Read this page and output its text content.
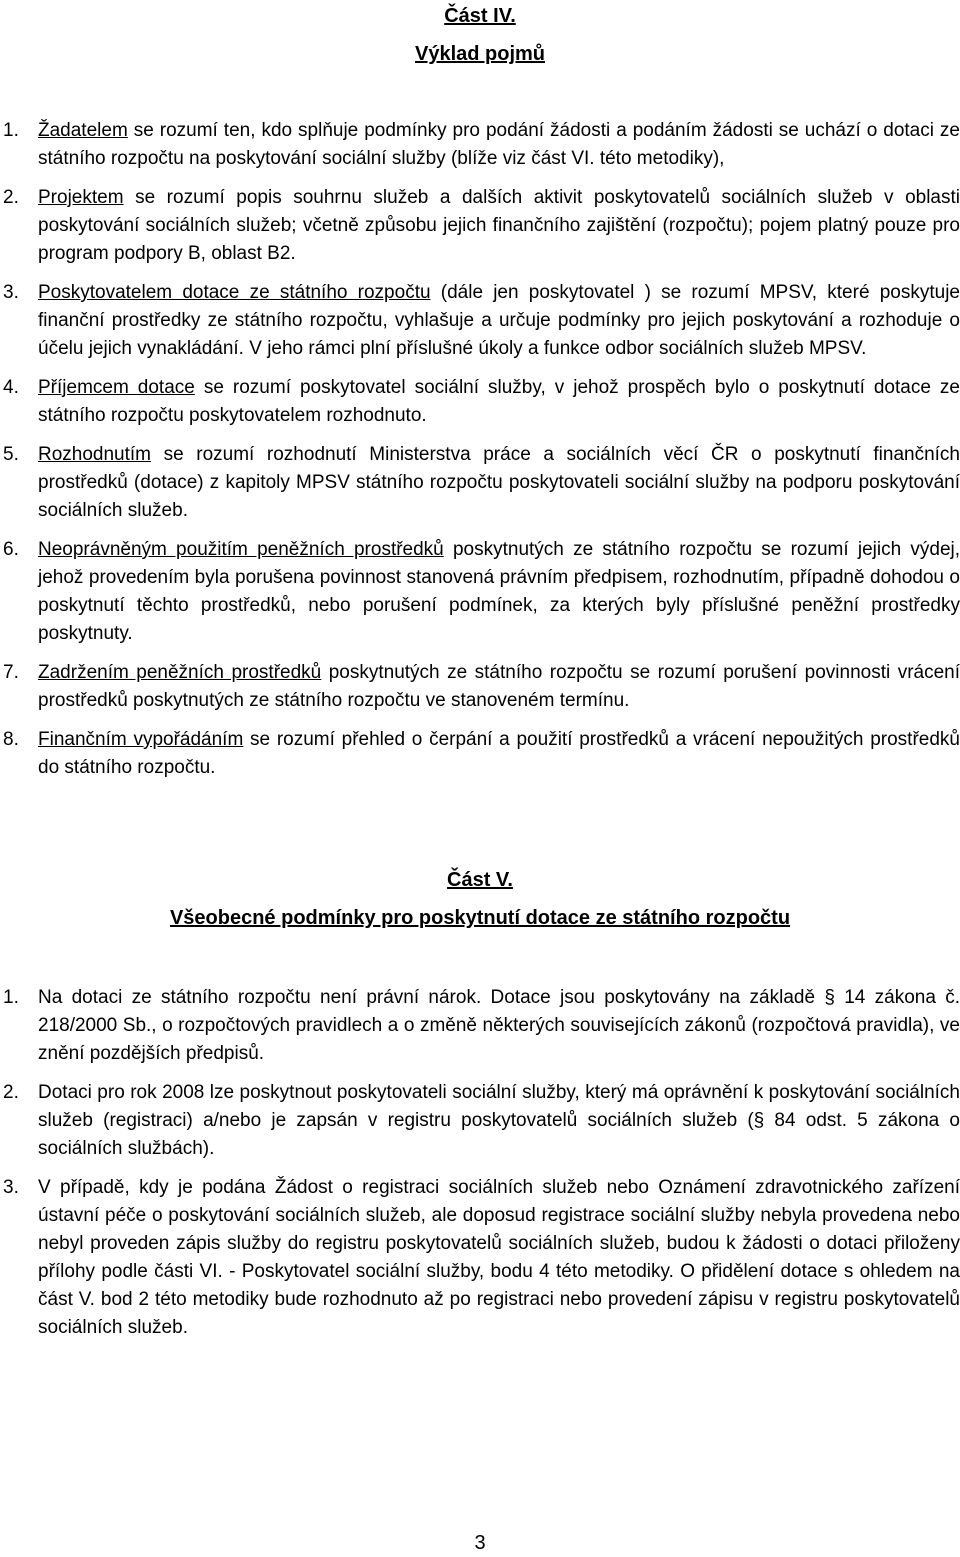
Část IV.
Výklad pojmů
1. Žadatelem se rozumí ten, kdo splňuje podmínky pro podání žádosti a podáním žádosti se uchází o dotaci ze státního rozpočtu na poskytování sociální služby (blíže viz část VI. této metodiky),
2. Projektem se rozumí popis souhrnu služeb a dalších aktivit poskytovatelů sociálních služeb v oblasti poskytování sociálních služeb; včetně způsobu jejich finančního zajištění (rozpočtu); pojem platný pouze pro program podpory B, oblast B2.
3. Poskytovatelem dotace ze státního rozpočtu (dále jen poskytovatel ) se rozumí MPSV, které poskytuje finanční prostředky ze státního rozpočtu, vyhlašuje a určuje podmínky pro jejich poskytování a rozhoduje o účelu jejich vynakládání. V jeho rámci plní příslušné úkoly a funkce odbor sociálních služeb MPSV.
4. Příjemcem dotace se rozumí poskytovatel sociální služby, v jehož prospěch bylo o poskytnutí dotace ze státního rozpočtu poskytovatelem rozhodnuto.
5. Rozhodnutím se rozumí rozhodnutí Ministerstva práce a sociálních věcí ČR o poskytnutí finančních prostředků (dotace) z kapitoly MPSV státního rozpočtu poskytovateli sociální služby na podporu poskytování sociálních služeb.
6. Neoprávněným použitím peněžních prostředků poskytnutých ze státního rozpočtu se rozumí jejich výdej, jehož provedením byla porušena povinnost stanovená právním předpisem, rozhodnutím, případně dohodou o poskytnutí těchto prostředků, nebo porušení podmínek, za kterých byly příslušné peněžní prostředky poskytnuty.
7. Zadržením peněžních prostředků poskytnutých ze státního rozpočtu se rozumí porušení povinnosti vrácení prostředků poskytnutých ze státního rozpočtu ve stanoveném termínu.
8. Finančním vypořádáním se rozumí přehled o čerpání a použití prostředků a vrácení nepoužitých prostředků do státního rozpočtu.
Část V.
Všeobecné podmínky pro poskytnutí dotace ze státního rozpočtu
1. Na dotaci ze státního rozpočtu není právní nárok. Dotace jsou poskytovány na základě § 14 zákona č. 218/2000 Sb., o rozpočtových pravidlech a o změně některých souvisejících zákonů (rozpočtová pravidla), ve znění pozdějších předpisů.
2. Dotaci pro rok 2008 lze poskytnout poskytovateli sociální služby, který má oprávnění k poskytování sociálních služeb (registraci) a/nebo je zapsán v registru poskytovatelů sociálních služeb (§ 84 odst. 5 zákona o sociálních službách).
3. V případě, kdy je podána Žádost o registraci sociálních služeb nebo Oznámení zdravotnického zařízení ústavní péče o poskytování sociálních služeb, ale doposud registrace sociální služby nebyla provedena nebo nebyl proveden zápis služby do registru poskytovatelů sociálních služeb, budou k žádosti o dotaci přiloženy přílohy podle části VI. - Poskytovatel sociální služby, bodu 4 této metodiky. O přidělení dotace s ohledem na část V. bod 2 této metodiky bude rozhodnuto až po registraci nebo provedení zápisu v registru poskytovatelů sociálních služeb.
3
